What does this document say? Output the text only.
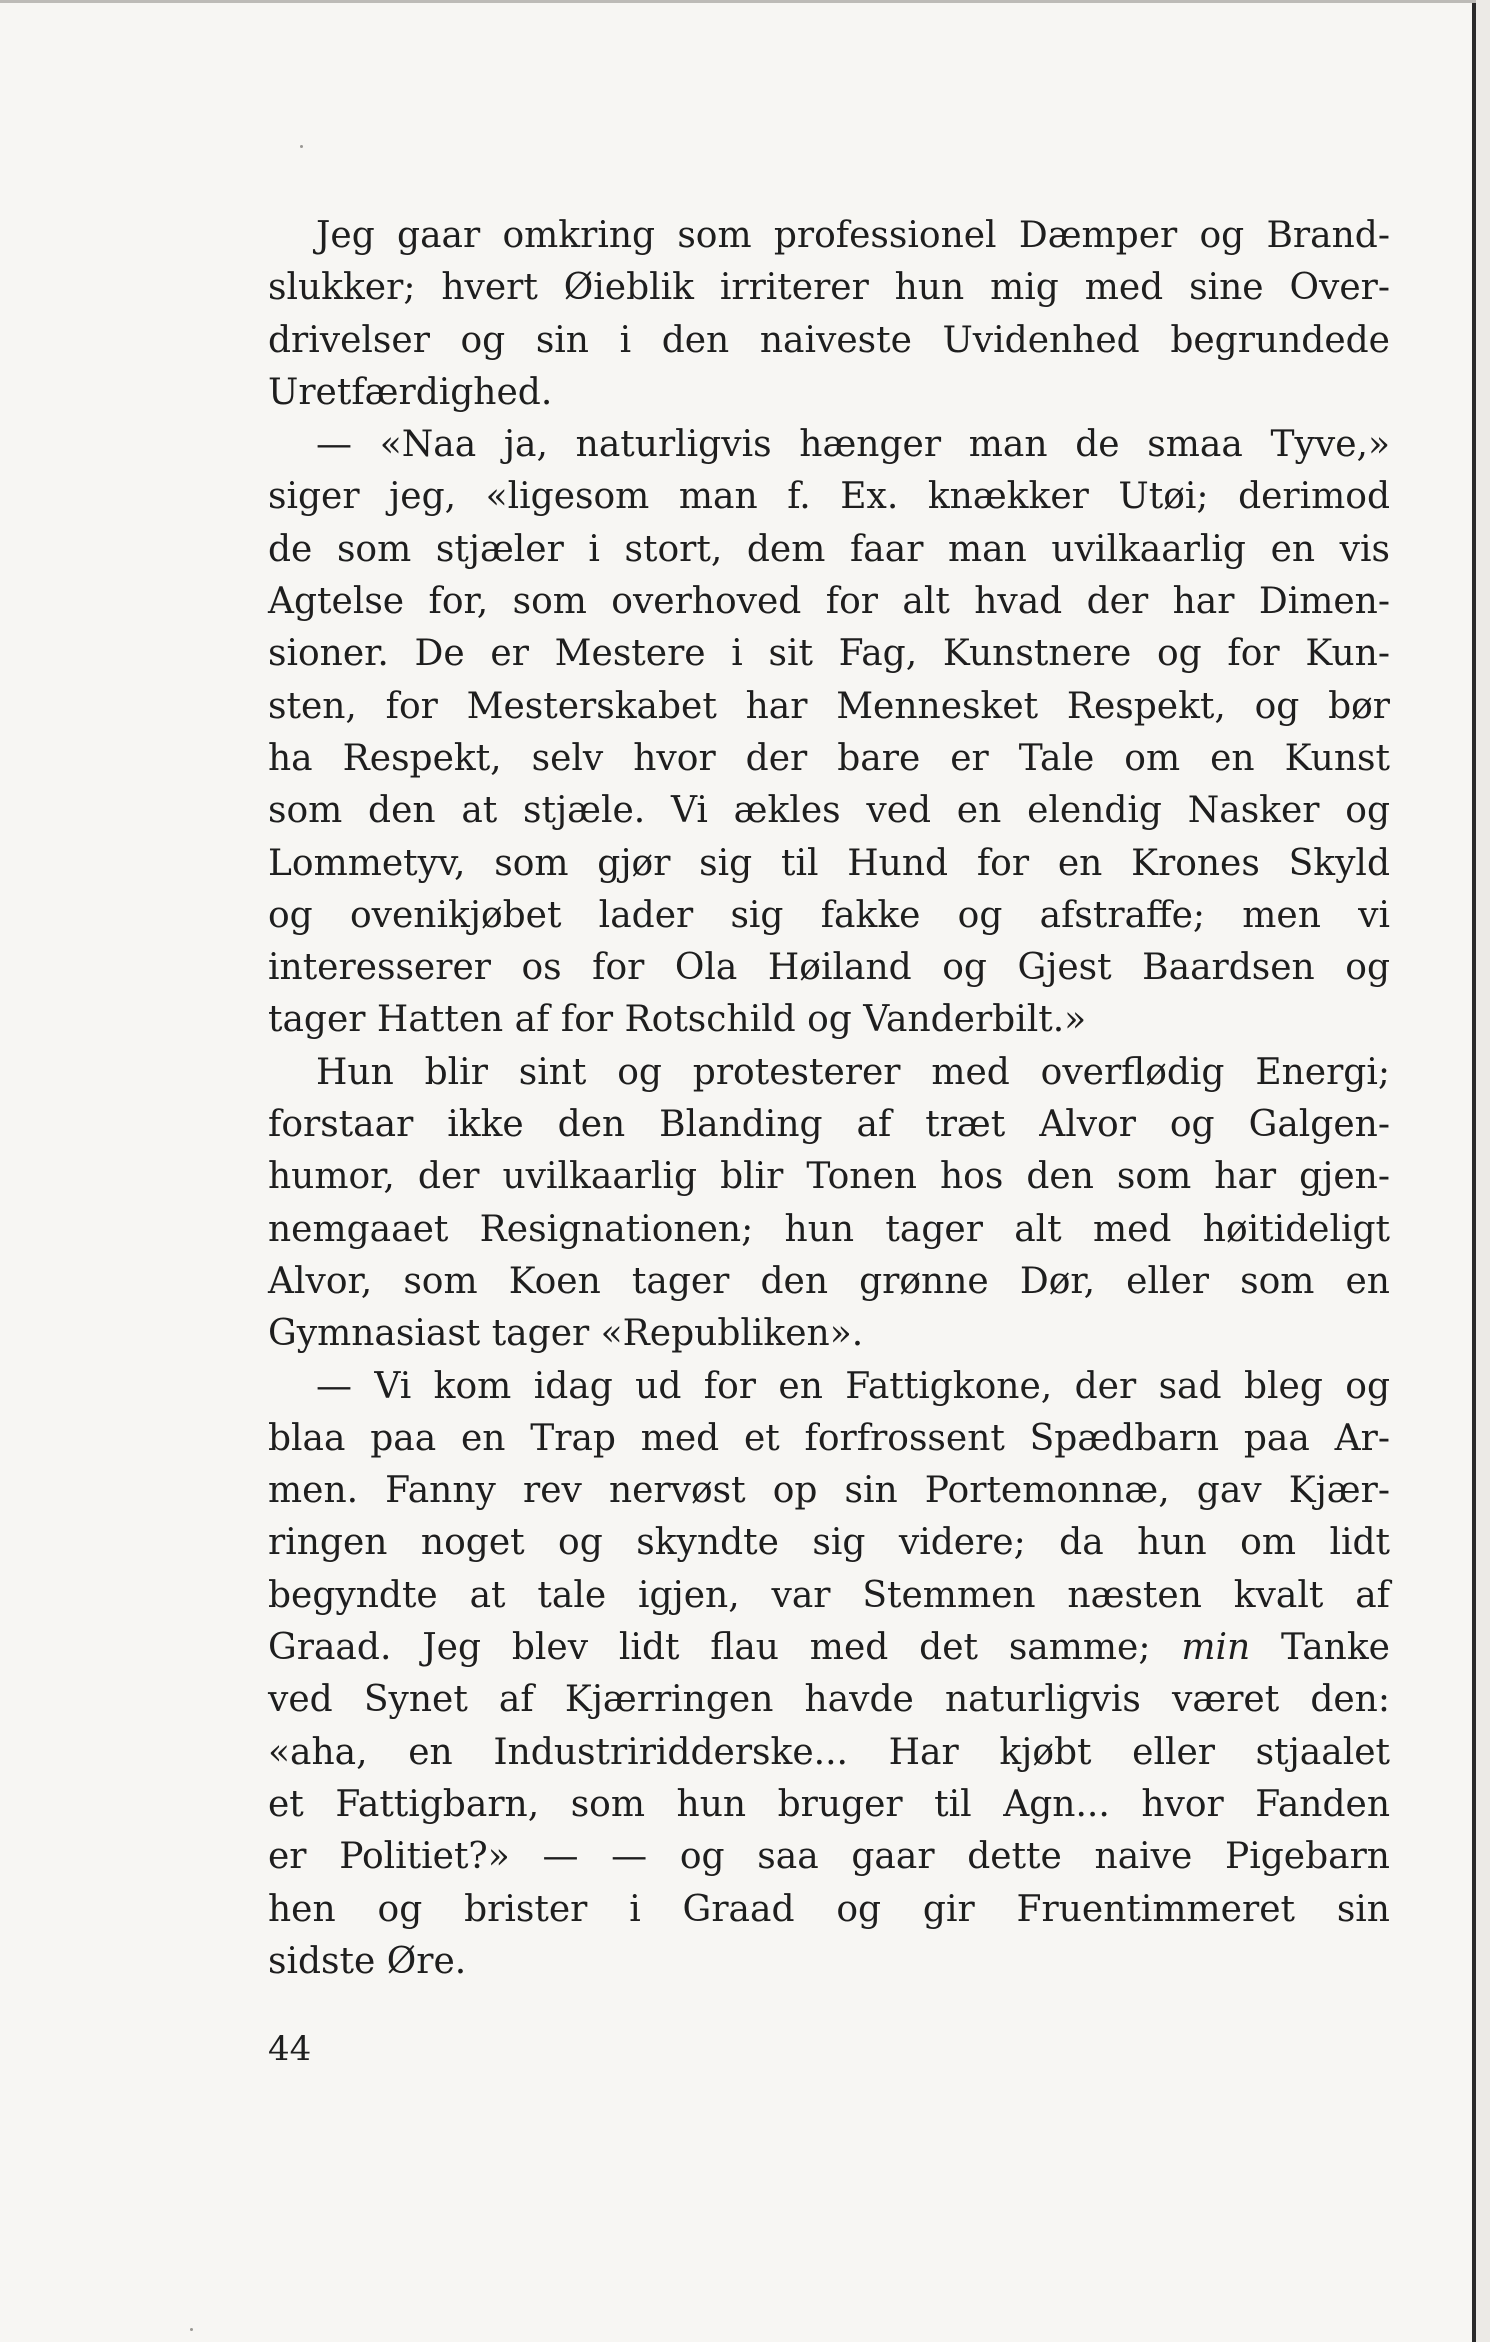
Jeg gaar omkring som professionel Dæmper og Brand-
slukker; hvert Øieblik irriterer hun mig med sine Over-
drivelser og sin i den naiveste Uvidenhed begrundede
Uretfærdighed.
— «Naa ja, naturligvis hænger man de smaa Tyve,»
siger jeg, «ligesom man f. Ex. knækker Utøi; derimod
de som stjæler i stort, dem faar man uvilkaarlig en vis
Agtelse for, som overhoved for alt hvad der har Dimen-
sioner. De er Mestere i sit Fag, Kunstnere og for Kun-
sten, for Mesterskabet har Mennesket Respekt, og bør
ha Respekt, selv hvor der bare er Tale om en Kunst
som den at stjæle. Vi ækles ved en elendig Nasker og
Lommetyv, som gjør sig til Hund for en Krones Skyld
og ovenikjøbet lader sig fakke og afstraffe; men vi
interesserer os for Ola Høiland og Gjest Baardsen og
tager Hatten af for Rotschild og Vanderbilt.»
Hun blir sint og protesterer med overflødig Energi;
forstaar ikke den Blanding af træt Alvor og Galgen-
humor, der uvilkaarlig blir Tonen hos den som har gjen-
nemgaaet Resignationen; hun tager alt med høitideligt
Alvor, som Koen tager den grønne Dør, eller som en
Gymnasiast tager «Republiken».
— Vi kom idag ud for en Fattigkone, der sad bleg og
blaa paa en Trap med et forfrossent Spædbarn paa Ar-
men. Fanny rev nervøst op sin Portemonnæ, gav Kjær-
ringen noget og skyndte sig videre; da hun om lidt
begyndte at tale igjen, var Stemmen næsten kvalt af
Graad. Jeg blev lidt flau med det samme; min Tanke
ved Synet af Kjærringen havde naturligvis været den:
«aha, en Industriridderske... Har kjøbt eller stjaalet
et Fattigbarn, som hun bruger til Agn... hvor Fanden
er Politiet?» — — og saa gaar dette naive Pigebarn
hen og brister i Graad og gir Fruentimmeret sin
sidste Øre.
44
